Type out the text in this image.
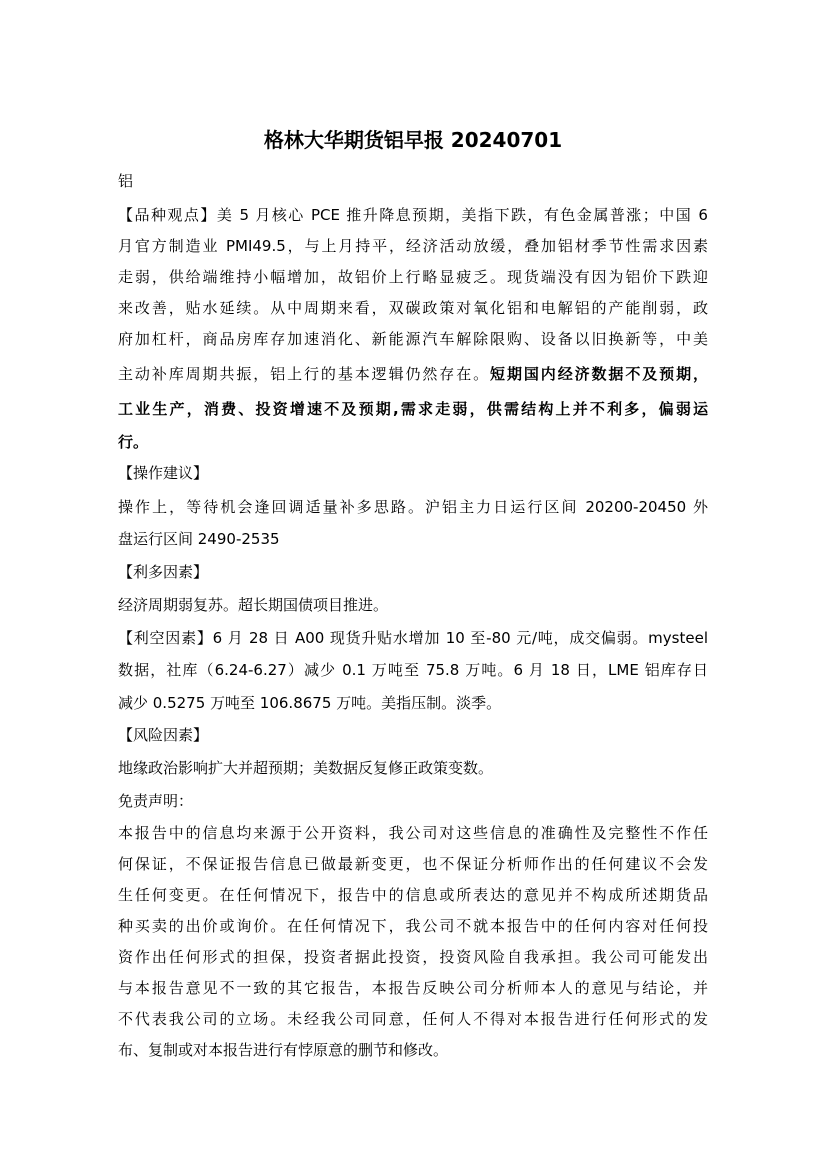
格林大华期货铝早报 20240701
铝
【品种观点】美 5 月核心 PCE 推升降息预期，美指下跌，有色金属普涨；中国 6
月官方制造业 PMI49.5，与上月持平，经济活动放缓，叠加铝材季节性需求因素
走弱，供给端维持小幅增加，故铝价上行略显疲乏。现货端没有因为铝价下跌迎
来改善，贴水延续。从中周期来看，双碳政策对氧化铝和电解铝的产能削弱，政
府加杠杆，商品房库存加速消化、新能源汽车解除限购、设备以旧换新等，中美
主动补库周期共振，铝上行的基本逻辑仍然存在。短期国内经济数据不及预期，
工业生产，消费、投资增速不及预期,需求走弱，供需结构上并不利多，偏弱运
行。
【操作建议】
操作上，等待机会逢回调适量补多思路。沪铝主力日运行区间 20200-20450 外
盘运行区间 2490-2535
【利多因素】
经济周期弱复苏。超长期国债项目推进。
【利空因素】6 月 28 日 A00 现货升贴水增加 10 至-80 元/吨，成交偏弱。mysteel
数据，社库（6.24-6.27）减少 0.1 万吨至 75.8 万吨。6 月 18 日，LME 铝库存日
减少 0.5275 万吨至 106.8675 万吨。美指压制。淡季。
【风险因素】
地缘政治影响扩大并超预期；美数据反复修正政策变数。
免责声明：
本报告中的信息均来源于公开资料，我公司对这些信息的准确性及完整性不作任
何保证，不保证报告信息已做最新变更，也不保证分析师作出的任何建议不会发
生任何变更。在任何情况下，报告中的信息或所表达的意见并不构成所述期货品
种买卖的出价或询价。在任何情况下，我公司不就本报告中的任何内容对任何投
资作出任何形式的担保，投资者据此投资，投资风险自我承担。我公司可能发出
与本报告意见不一致的其它报告，本报告反映公司分析师本人的意见与结论，并
不代表我公司的立场。未经我公司同意，任何人不得对本报告进行任何形式的发
布、复制或对本报告进行有悖原意的删节和修改。
